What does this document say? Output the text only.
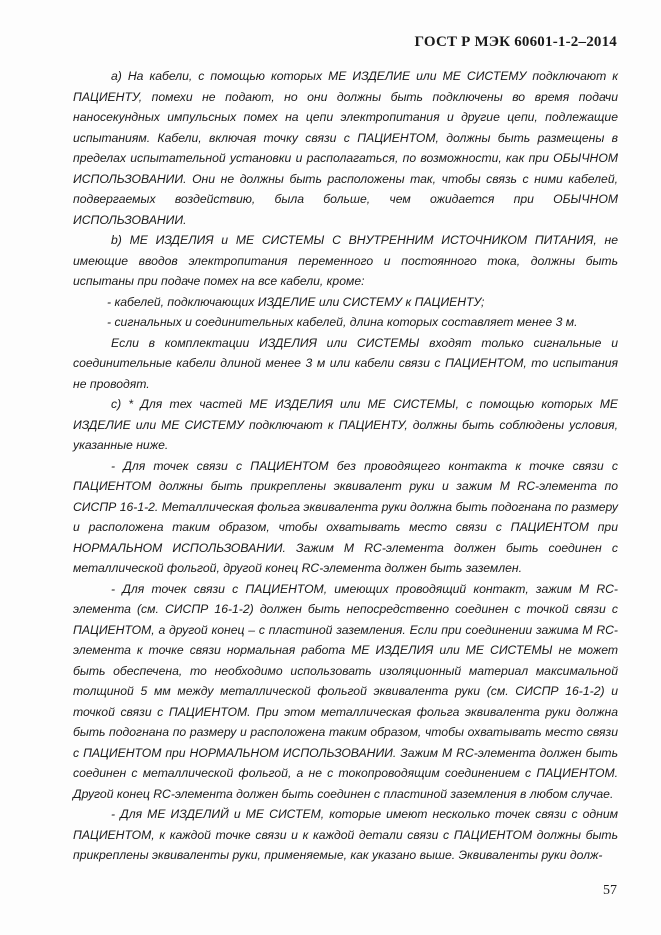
ГОСТ Р МЭК 60601-1-2–2014

а) На кабели, с помощью которых МЕ ИЗДЕЛИЕ или МЕ СИСТЕМУ подключают к ПАЦИЕНТУ, помехи не подают, но они должны быть подключены во время подачи наносекундных импульсных помех на цепи электропитания и другие цепи, подлежащие испытаниям. Кабели, включая точку связи с ПАЦИЕНТОМ, должны быть размещены в пределах испытательной установки и располагаться, по возможности, как при ОБЫЧНОМ ИСПОЛЬЗОВАНИИ. Они не должны быть расположены так, чтобы связь с ними кабелей, подвергаемых воздействию, была больше, чем ожидается при ОБЫЧНОМ ИСПОЛЬЗОВАНИИ.

b) МЕ ИЗДЕЛИЯ и МЕ СИСТЕМЫ С ВНУТРЕННИМ ИСТОЧНИКОМ ПИТАНИЯ, не имеющие вводов электропитания переменного и постоянного тока, должны быть испытаны при подаче помех на все кабели, кроме:

- кабелей, подключающих ИЗДЕЛИЕ или СИСТЕМУ к ПАЦИЕНТУ;

- сигнальных и соединительных кабелей, длина которых составляет менее 3 м.

Если в комплектации ИЗДЕЛИЯ или СИСТЕМЫ входят только сигнальные и соединительные кабели длиной менее 3 м или кабели связи с ПАЦИЕНТОМ, то испытания не проводят.

с) * Для тех частей МЕ ИЗДЕЛИЯ или МЕ СИСТЕМЫ, с помощью которых МЕ ИЗДЕЛИЕ или МЕ СИСТЕМУ подключают к ПАЦИЕНТУ, должны быть соблюдены условия, указанные ниже.

- Для точек связи с ПАЦИЕНТОМ без проводящего контакта к точке связи с ПАЦИЕНТОМ должны быть прикреплены эквивалент руки и зажим М RC-элемента по СИСПР 16-1-2. Металлическая фольга эквивалента руки должна быть подогнана по размеру и расположена таким образом, чтобы охватывать место связи с ПАЦИЕНТОМ при НОРМАЛЬНОМ ИСПОЛЬЗОВАНИИ. Зажим М RC-элемента должен быть соединен с металлической фольгой, другой конец RC-элемента должен быть заземлен.

- Для точек связи с ПАЦИЕНТОМ, имеющих проводящий контакт, зажим М RC-элемента (см. СИСПР 16-1-2) должен быть непосредственно соединен с точкой связи с ПАЦИЕНТОМ, а другой конец – с пластиной заземления. Если при соединении зажима М RC-элемента к точке связи нормальная работа МЕ ИЗДЕЛИЯ или МЕ СИСТЕМЫ не может быть обеспечена, то необходимо использовать изоляционный материал максимальной толщиной 5 мм между металлической фольгой эквивалента руки (см. СИСПР 16-1-2) и точкой связи с ПАЦИЕНТОМ. При этом металлическая фольга эквивалента руки должна быть подогнана по размеру и расположена таким образом, чтобы охватывать место связи с ПАЦИЕНТОМ при НОРМАЛЬНОМ ИСПОЛЬЗОВАНИИ. Зажим М RC-элемента должен быть соединен с металлической фольгой, а не с токопроводящим соединением с ПАЦИЕНТОМ. Другой конец RC-элемента должен быть соединен с пластиной заземления в любом случае.

- Для МЕ ИЗДЕЛИЙ и МЕ СИСТЕМ, которые имеют несколько точек связи с одним ПАЦИЕНТОМ, к каждой точке связи и к каждой детали связи с ПАЦИЕНТОМ должны быть прикреплены эквиваленты руки, применяемые, как указано выше. Эквиваленты руки долж-

57
